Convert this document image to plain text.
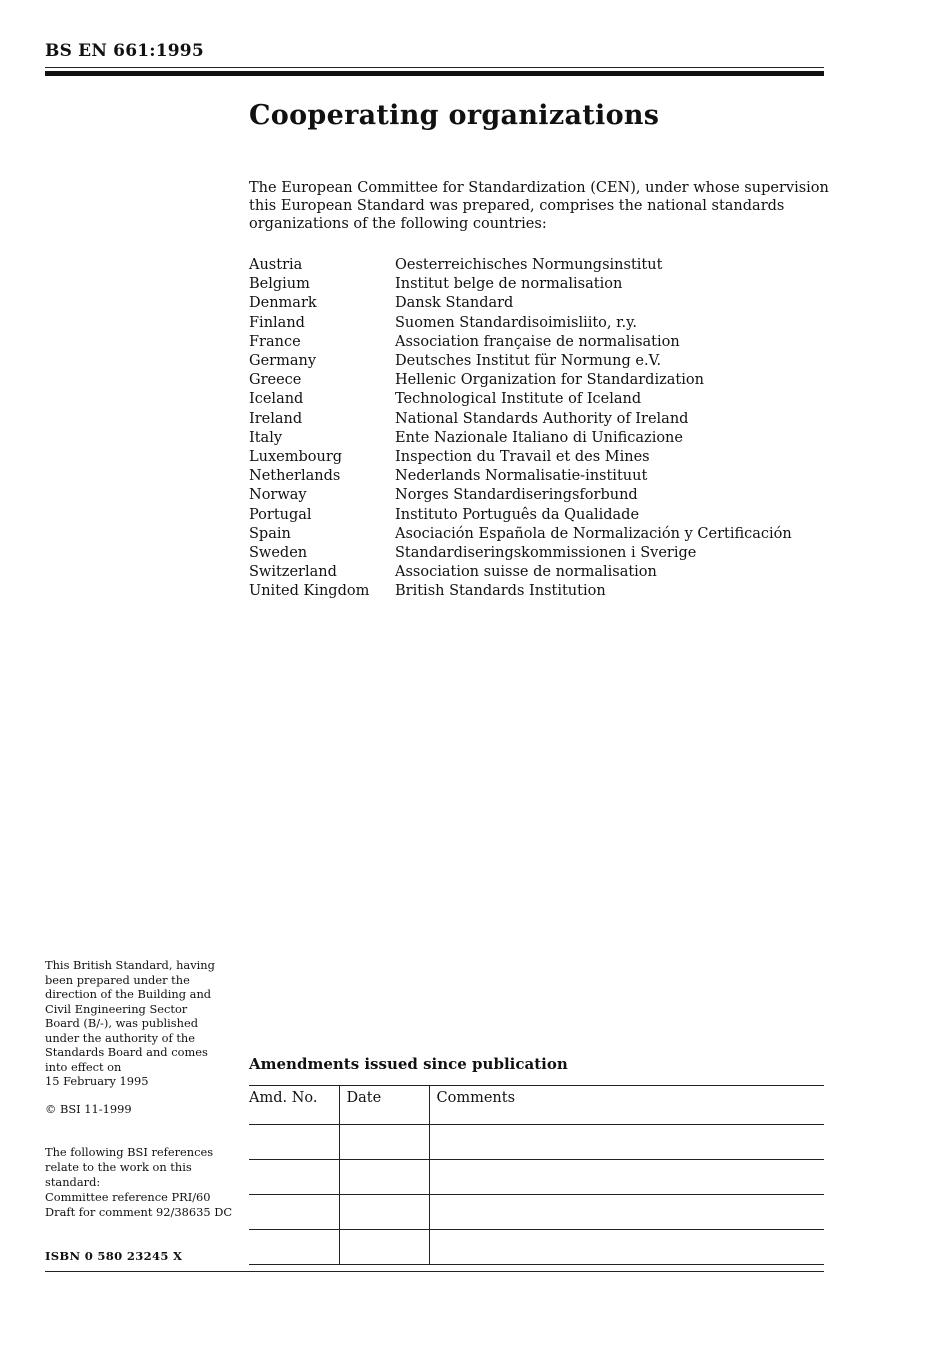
BS EN 661:1995
Cooperating organizations

The European Committee for Standardization (CEN), under whose supervision this European Standard was prepared, comprises the national standards organizations of the following countries:

Austria	Oesterreichisches Normungsinstitut
Belgium	Institut belge de normalisation
Denmark	Dansk Standard
Finland	Suomen Standardisoimisliito, r.y.
France	Association française de normalisation
Germany	Deutsches Institut für Normung e.V.
Greece	Hellenic Organization for Standardization
Iceland	Technological Institute of Iceland
Ireland	National Standards Authority of Ireland
Italy	Ente Nazionale Italiano di Unificazione
Luxembourg	Inspection du Travail et des Mines
Netherlands	Nederlands Normalisatie-instituut
Norway	Norges Standardiseringsforbund
Portugal	Instituto Português da Qualidade
Spain	Asociación Española de Normalización y Certificación
Sweden	Standardiseringskommissionen i Sverige
Switzerland	Association suisse de normalisation
United Kingdom	British Standards Institution
This British Standard, having
been prepared under the
direction of the Building and
Civil Engineering Sector
Board (B/-), was published
under the authority of the
Standards Board and comes
into effect on
15 February 1995
© BSI 11-1999
The following BSI references
relate to the work on this
standard:
Committee reference PRI/60
Draft for comment 92/38635 DC
ISBN 0 580 23245 X
Amendments issued since publication
Amd. No.	Date	Comments
